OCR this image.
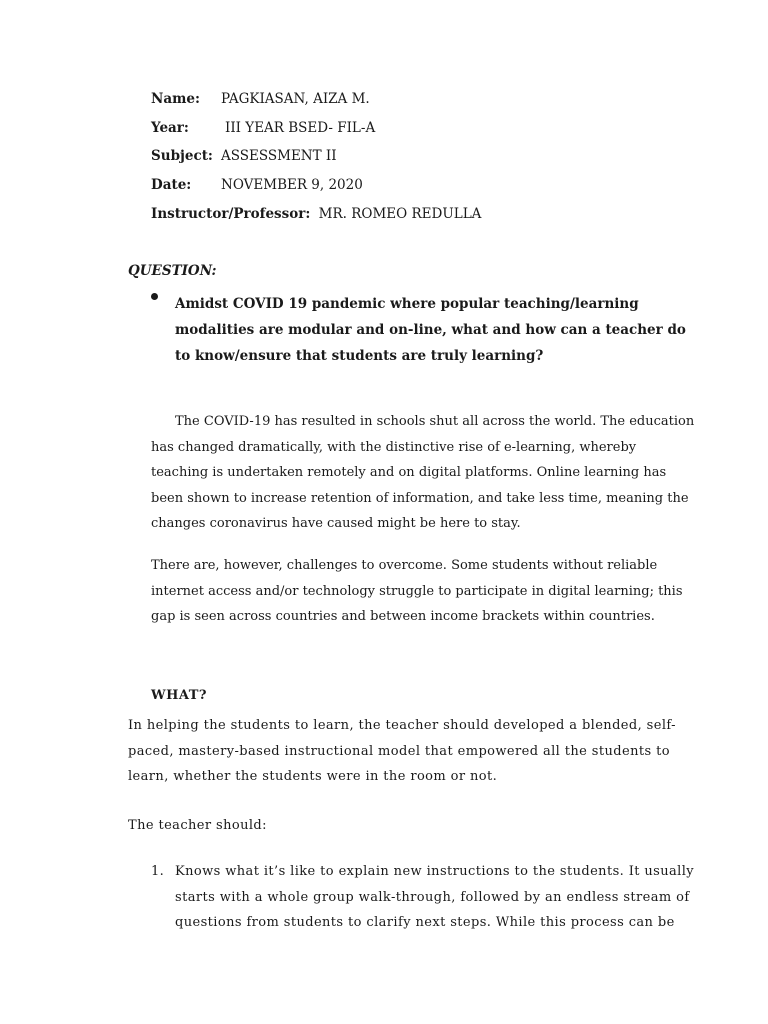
Name: PAGKIASAN, AIZA M.
Year:	III YEAR BSED- FIL-A
Subject: ASSESSMENT II
Date: NOVEMBER 9, 2020
Instructor/Professor: MR. ROMEO REDULLA
QUESTION:
Amidst COVID 19 pandemic where popular teaching/learning modalities are modular and on-line, what and how can a teacher do to know/ensure that students are truly learning?
The COVID-19 has resulted in schools shut all across the world. The education has changed dramatically, with the distinctive rise of e-learning, whereby teaching is undertaken remotely and on digital platforms. Online learning has been shown to increase retention of information, and take less time, meaning the changes coronavirus have caused might be here to stay.
There are, however, challenges to overcome. Some students without reliable internet access and/or technology struggle to participate in digital learning; this gap is seen across countries and between income brackets within countries.
WHAT?
In helping the students to learn, the teacher should developed a blended, self-paced, mastery-based instructional model that empowered all the students to learn, whether the students were in the room or not.
The teacher should:
1. Knows what it’s like to explain new instructions to the students. It usually starts with a whole group walk-through, followed by an endless stream of questions from students to clarify next steps. While this process can be
